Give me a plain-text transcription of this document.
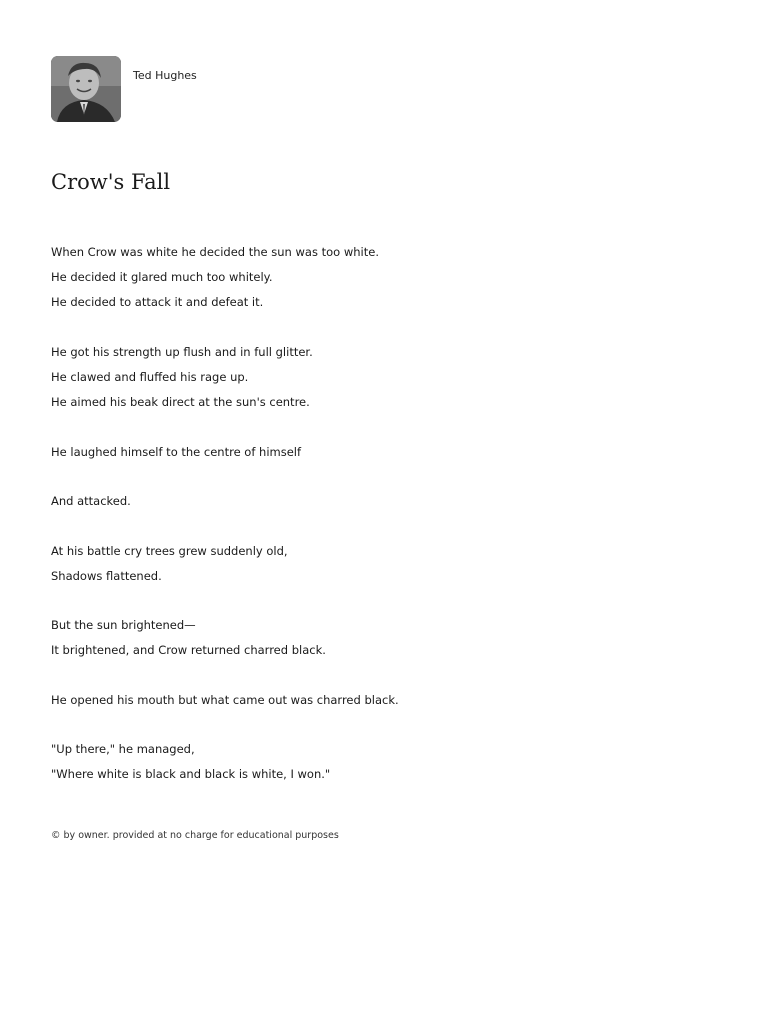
Ted Hughes
Crow's Fall
When Crow was white he decided the sun was too white.
He decided it glared much too whitely.
He decided to attack it and defeat it.
He got his strength up flush and in full glitter.
He clawed and fluffed his rage up.
He aimed his beak direct at the sun's centre.
He laughed himself to the centre of himself
And attacked.
At his battle cry trees grew suddenly old,
Shadows flattened.
But the sun brightened—
It brightened, and Crow returned charred black.
He opened his mouth but what came out was charred black.
"Up there," he managed,
"Where white is black and black is white, I won."
© by owner. provided at no charge for educational purposes
